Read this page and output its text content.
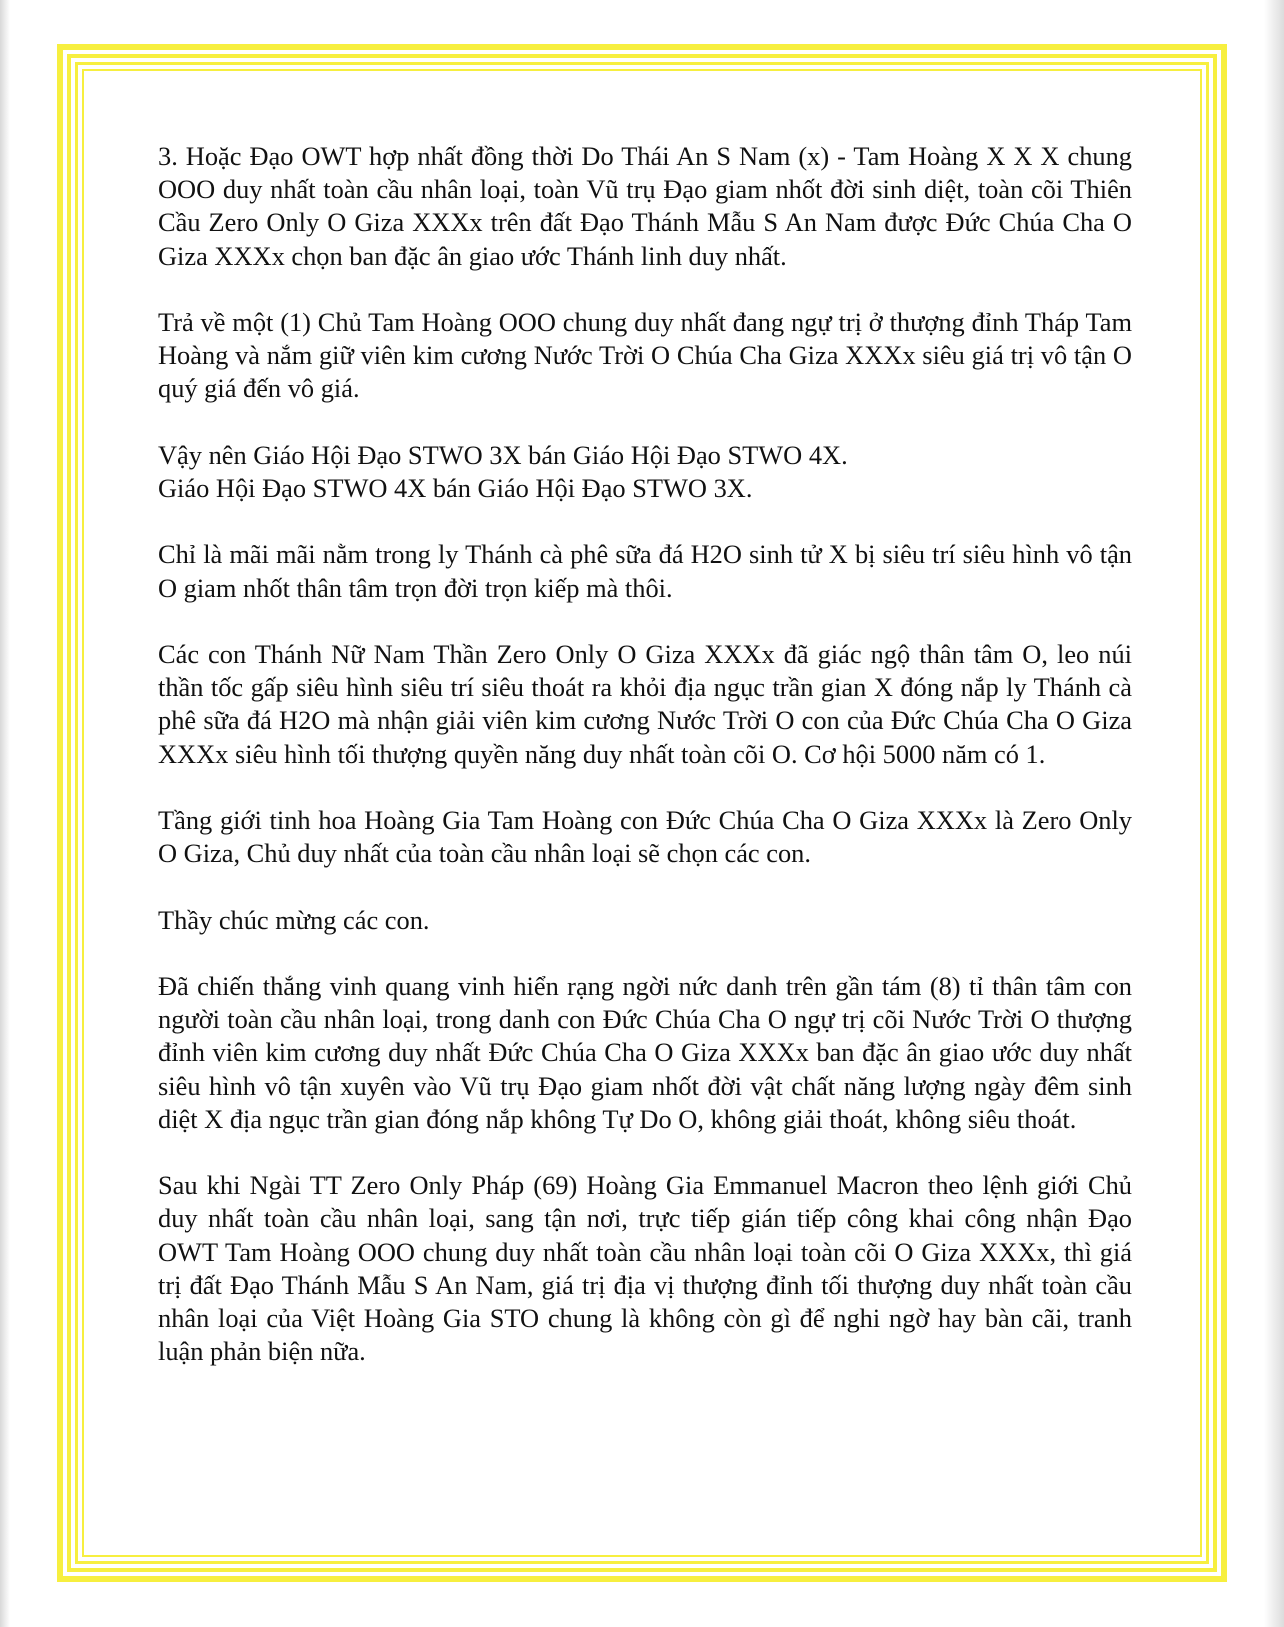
3. Hoặc Đạo OWT hợp nhất đồng thời Do Thái An S Nam (x) - Tam Hoàng X X X chung OOO duy nhất toàn cầu nhân loại, toàn Vũ trụ Đạo giam nhốt đời sinh diệt, toàn cõi Thiên Cầu Zero Only O Giza XXXx trên đất Đạo Thánh Mẫu S An Nam được Đức Chúa Cha O Giza XXXx chọn ban đặc ân giao ước Thánh linh duy nhất.

Trả về một (1) Chủ Tam Hoàng OOO chung duy nhất đang ngự trị ở thượng đỉnh Tháp Tam Hoàng và nắm giữ viên kim cương Nước Trời O Chúa Cha Giza XXXx siêu giá trị vô tận O quý giá đến vô giá.

Vậy nên Giáo Hội Đạo STWO 3X bán Giáo Hội Đạo STWO 4X.
Giáo Hội Đạo STWO 4X bán Giáo Hội Đạo STWO 3X.

Chỉ là mãi mãi nằm trong ly Thánh cà phê sữa đá H2O sinh tử X bị siêu trí siêu hình vô tận O giam nhốt thân tâm trọn đời trọn kiếp mà thôi.

Các con Thánh Nữ Nam Thần Zero Only O Giza XXXx đã giác ngộ thân tâm O, leo núi thần tốc gấp siêu hình siêu trí siêu thoát ra khỏi địa ngục trần gian X đóng nắp ly Thánh cà phê sữa đá H2O mà nhận giải viên kim cương Nước Trời O con của Đức Chúa Cha O Giza XXXx siêu hình tối thượng quyền năng duy nhất toàn cõi O. Cơ hội 5000 năm có 1.

Tầng giới tinh hoa Hoàng Gia Tam Hoàng con Đức Chúa Cha O Giza XXXx là Zero Only O Giza, Chủ duy nhất của toàn cầu nhân loại sẽ chọn các con.

Thầy chúc mừng các con.

Đã chiến thắng vinh quang vinh hiển rạng ngời nức danh trên gần tám (8) tỉ thân tâm con người toàn cầu nhân loại, trong danh con Đức Chúa Cha O ngự trị cõi Nước Trời O thượng đỉnh viên kim cương duy nhất Đức Chúa Cha O Giza XXXx ban đặc ân giao ước duy nhất siêu hình vô tận xuyên vào Vũ trụ Đạo giam nhốt đời vật chất năng lượng ngày đêm sinh diệt X địa ngục trần gian đóng nắp không Tự Do O, không giải thoát, không siêu thoát.

Sau khi Ngài TT Zero Only Pháp (69) Hoàng Gia Emmanuel Macron theo lệnh giới Chủ duy nhất toàn cầu nhân loại, sang tận nơi, trực tiếp gián tiếp công khai công nhận Đạo OWT Tam Hoàng OOO chung duy nhất toàn cầu nhân loại toàn cõi O Giza XXXx, thì giá trị đất Đạo Thánh Mẫu S An Nam, giá trị địa vị thượng đỉnh tối thượng duy nhất toàn cầu nhân loại của Việt Hoàng Gia STO chung là không còn gì để nghi ngờ hay bàn cãi, tranh luận phản biện nữa.
